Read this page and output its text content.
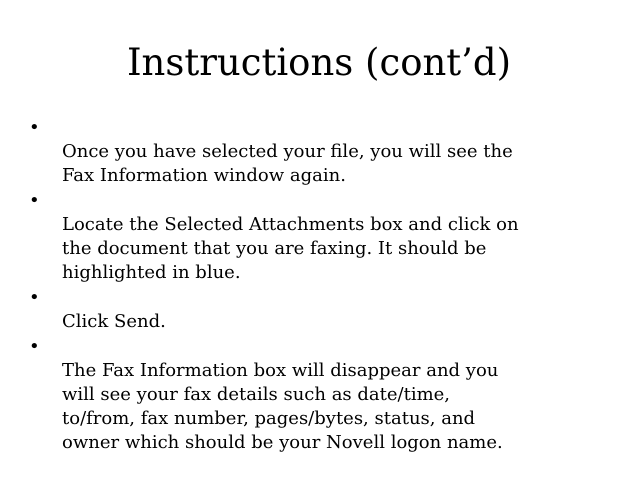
Instructions (cont’d)

•
Once you have selected your file, you will see the
Fax Information window again.

•
Locate the Selected Attachments box and click on
the document that you are faxing. It should be
highlighted in blue.

•
Click Send.

•
The Fax Information box will disappear and you
will see your fax details such as date/time,
to/from, fax number, pages/bytes, status, and
owner which should be your Novell logon name.
